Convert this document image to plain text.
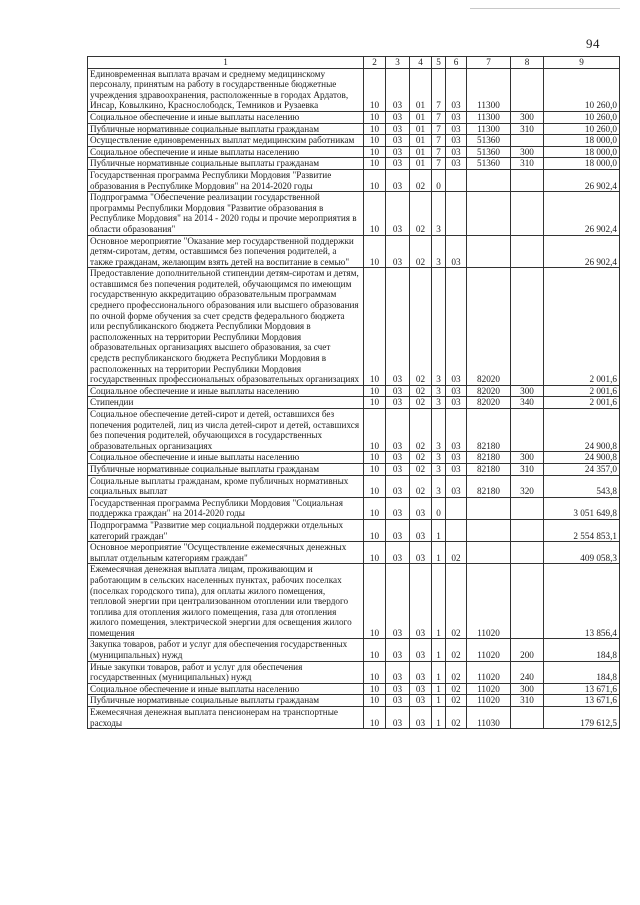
94
1	2	3	4	5	6	7	8	9
Единовременная выплата врачам и среднему медицинскому персоналу, принятым на работу в государственные бюджетные учреждения здравоохранения, расположенные в городах Ардатов, Инсар, Ковылкино, Краснослободск, Темников и Рузаевка	10	03	01	7	03	11300		10 260,0
Социальное обеспечение и иные выплаты населению	10	03	01	7	03	11300	300	10 260,0
Публичные нормативные социальные выплаты гражданам	10	03	01	7	03	11300	310	10 260,0
Осуществление единовременных выплат медицинским работникам	10	03	01	7	03	51360		18 000,0
Социальное обеспечение и иные выплаты населению	10	03	01	7	03	51360	300	18 000,0
Публичные нормативные социальные выплаты гражданам	10	03	01	7	03	51360	310	18 000,0
Государственная программа Республики Мордовия "Развитие образования в Республике Мордовия" на 2014-2020 годы	10	03	02	0				26 902,4
Подпрограмма "Обеспечение реализации государственной программы Республики Мордовия "Развитие образования в Республике Мордовия" на 2014 - 2020 годы и прочие мероприятия в области образования"	10	03	02	3				26 902,4
Основное мероприятие "Оказание мер государственной поддержки детям-сиротам, детям, оставшимся без попечения родителей, а также гражданам, желающим взять детей на воспитание в семью"	10	03	02	3	03			26 902,4
Предоставление дополнительной стипендии детям-сиротам и детям, оставшимся без попечения родителей, обучающимся по имеющим государственную аккредитацию образовательным программам среднего профессионального образования или высшего образования по очной форме обучения за счет средств федерального бюджета или республиканского бюджета Республики Мордовия в расположенных на территории Республики Мордовия образовательных организациях высшего образования, за счет средств республиканского бюджета Республики Мордовия в расположенных на территории Республики Мордовия государственных профессиональных образовательных организациях	10	03	02	3	03	82020		2 001,6
Социальное обеспечение и иные выплаты населению	10	03	02	3	03	82020	300	2 001,6
Стипендии	10	03	02	3	03	82020	340	2 001,6
Социальное обеспечение детей-сирот и детей, оставшихся без попечения родителей, лиц из числа детей-сирот и детей, оставшихся без попечения родителей, обучающихся в государственных образовательных организациях	10	03	02	3	03	82180		24 900,8
Социальное обеспечение и иные выплаты населению	10	03	02	3	03	82180	300	24 900,8
Публичные нормативные социальные выплаты гражданам	10	03	02	3	03	82180	310	24 357,0
Социальные выплаты гражданам, кроме публичных нормативных социальных выплат	10	03	02	3	03	82180	320	543,8
Государственная программа Республики Мордовия "Социальная поддержка граждан" на 2014-2020 годы	10	03	03	0				3 051 649,8
Подпрограмма "Развитие мер социальной поддержки отдельных категорий граждан"	10	03	03	1				2 554 853,1
Основное мероприятие "Осуществление ежемесячных денежных выплат отдельным категориям граждан"	10	03	03	1	02			409 058,3
Ежемесячная денежная выплата лицам, проживающим и работающим в сельских населенных пунктах, рабочих поселках (поселках городского типа), для оплаты жилого помещения, тепловой энергии при централизованном отоплении или твердого топлива для отопления жилого помещения, газа для отопления жилого помещения, электрической энергии для освещения жилого помещения	10	03	03	1	02	11020		13 856,4
Закупка товаров, работ и услуг для обеспечения государственных (муниципальных) нужд	10	03	03	1	02	11020	200	184,8
Иные закупки товаров, работ и услуг для обеспечения государственных (муниципальных) нужд	10	03	03	1	02	11020	240	184,8
Социальное обеспечение и иные выплаты населению	10	03	03	1	02	11020	300	13 671,6
Публичные нормативные социальные выплаты гражданам	10	03	03	1	02	11020	310	13 671,6
Ежемесячная денежная выплата пенсионерам на транспортные расходы	10	03	03	1	02	11030		179 612,5
